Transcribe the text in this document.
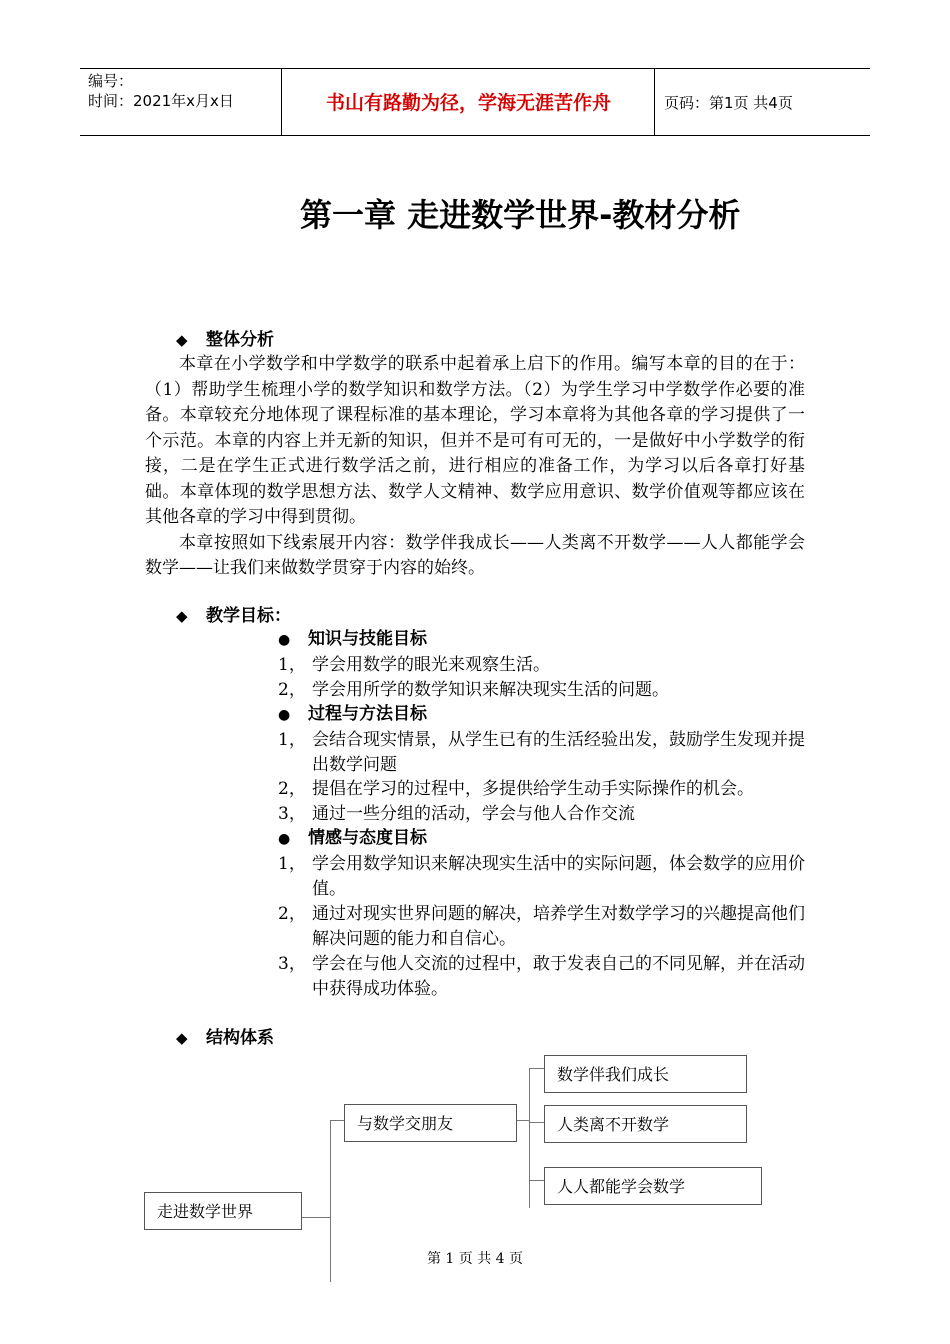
编号：
时间：2021年x月x日	书山有路勤为径，学海无涯苦作舟	页码：第1页 共4页
第一章 走进数学世界-教材分析
◆ 整体分析

本章在小学数学和中学数学的联系中起着承上启下的作用。编写本章的目的在于：（1）帮助学生梳理小学的数学知识和数学方法。（2）为学生学习中学数学作必要的准备。本章较充分地体现了课程标准的基本理论，学习本章将为其他各章的学习提供了一个示范。本章的内容上并无新的知识，但并不是可有可无的，一是做好中小学数学的衔接，二是在学生正式进行数学活之前，进行相应的准备工作，为学习以后各章打好基础。本章体现的数学思想方法、数学人文精神、数学应用意识、数学价值观等都应该在其他各章的学习中得到贯彻。

本章按照如下线索展开内容：数学伴我成长——人类离不开数学——人人都能学会数学——让我们来做数学贯穿于内容的始终。

◆ 教学目标：
● 知识与技能目标
1， 学会用数学的眼光来观察生活。
2， 学会用所学的数学知识来解决现实生活的问题。
● 过程与方法目标
1， 会结合现实情景，从学生已有的生活经验出发，鼓励学生发现并提出数学问题
2， 提倡在学习的过程中，多提供给学生动手实际操作的机会。
3， 通过一些分组的活动，学会与他人合作交流
● 情感与态度目标
1， 学会用数学知识来解决现实生活中的实际问题，体会数学的应用价值。
2， 通过对现实世界问题的解决，培养学生对数学学习的兴趣提高他们解决问题的能力和自信心。
3， 学会在与他人交流的过程中，敢于发表自己的不同见解，并在活动中获得成功体验。
◆ 结构体系
走进数学世界
与数学交朋友
数学伴我们成长
人类离不开数学
人人都能学会数学
第 1 页 共 4 页
